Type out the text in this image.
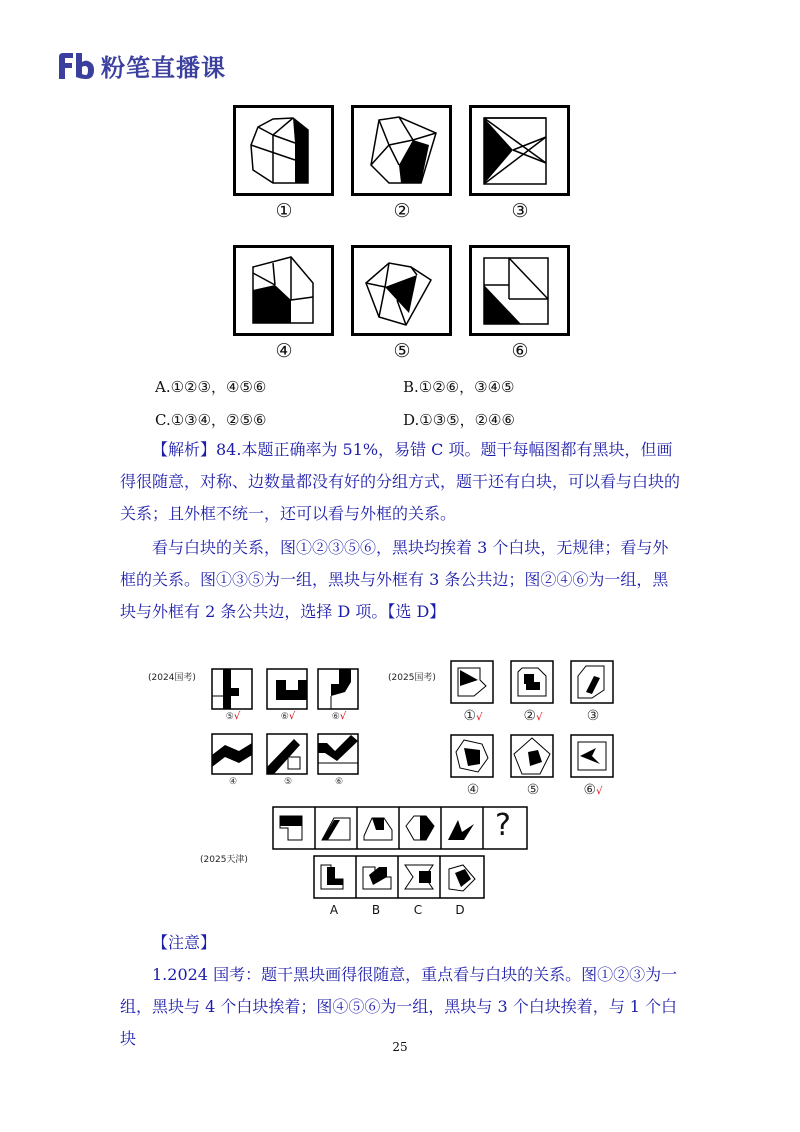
粉笔直播课
①	②	③
④	⑤	⑥
A.①②③，④⑤⑥	B.①②⑥，③④⑤
C.①③④，②⑤⑥	D.①③⑤，②④⑥
【解析】84.本题正确率为 51%，易错 C 项。题干每幅图都有黑块，但画得很随意，对称、边数量都没有好的分组方式，题干还有白块，可以看与白块的关系；且外框不统一，还可以看与外框的关系。
看与白块的关系，图①②③⑤⑥，黑块均挨着 3 个白块，无规律；看与外框的关系。图①③⑤为一组，黑块与外框有 3 条公共边；图②④⑥为一组，黑块与外框有 2 条公共边，选择 D 项。【选 D】
(2024国考)	(2025国考)
⑤√	⑥√	⑥√
④	⑤	⑥
①√	②√	③
④	⑤	⑥√
?
(2025天津)
A	B	C	D
【注意】
1.2024 国考：题干黑块画得很随意，重点看与白块的关系。图①②③为一组，黑块与 4 个白块挨着；图④⑤⑥为一组，黑块与 3 个白块挨着，与 1 个白块	25
